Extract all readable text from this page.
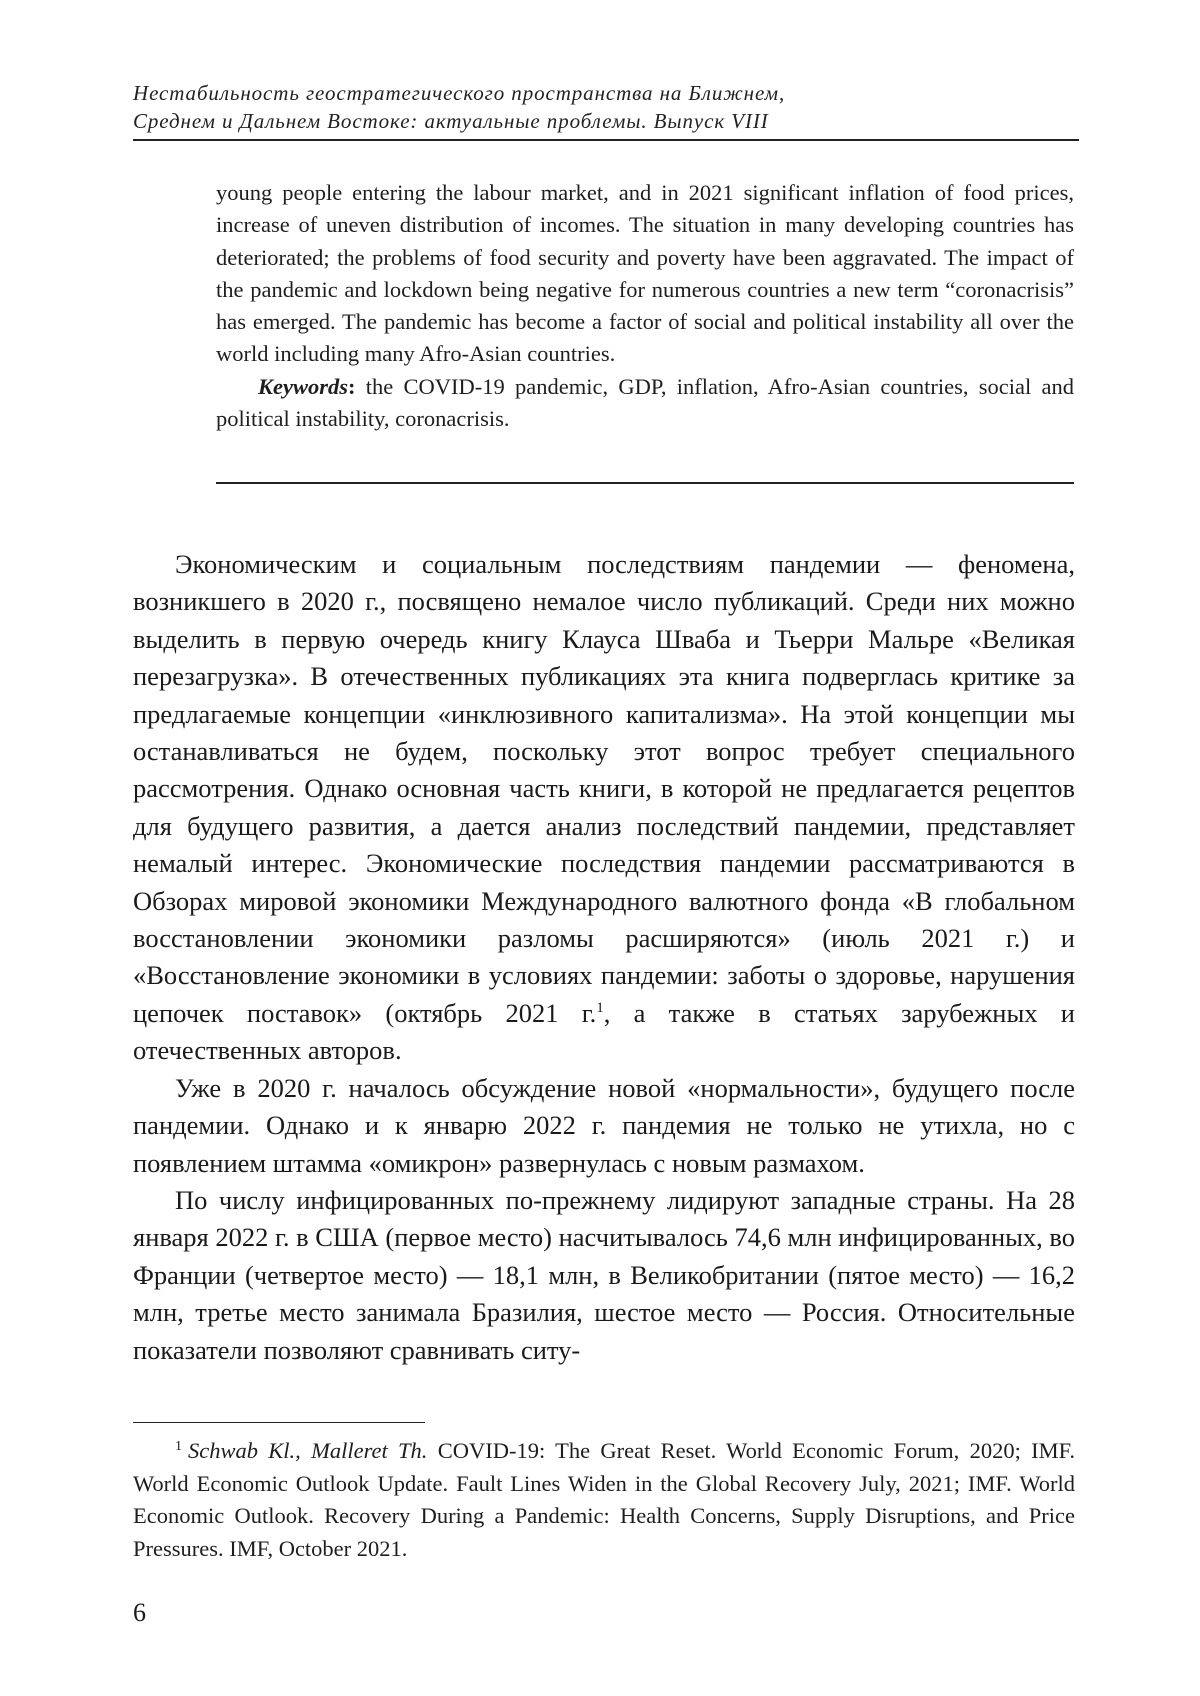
Нестабильность геостратегического пространства на Ближнем,
Среднем и Дальнем Востоке: актуальные проблемы. Выпуск VIII

young people entering the labour market, and in 2021 significant inflation of food prices, increase of uneven distribution of incomes. The situation in many devel­oping countries has deteriorated; the problems of food security and poverty have been aggravated. The impact of the pandemic and lockdown being negative for numerous countries a new term “coronacrisis” has emerged. The pandemic has become a factor of social and political instability all over the world including many Afro-Asian countries.

Keywords: the COVID-19 pandemic, GDP, inflation, Afro-Asian countries, social and political instability, coronacrisis.

Экономическим и социальным последствиям пандемии — феномена, возникшего в 2020 г., посвящено немалое число публикаций. Среди них можно выделить в первую очередь книгу Клауса Шваба и Тьерри Мальре «Великая перезагрузка». В отечественных публикациях эта книга подверглась критике за предлагаемые концепции «инклюзив­ного капитализма». На этой концепции мы останавливаться не будем, поскольку этот вопрос требует специального рассмотрения. Однако основная часть книги, в которой не предлагается рецептов для буду­щего развития, а дается анализ последствий пандемии, представляет немалый интерес. Экономические последствия пандемии рассматрива­ются в Обзорах мировой экономики Международного валютного фонда «В глобальном восстановлении экономики разломы расширяются» (июль 2021 г.) и «Восстановление экономики в условиях пандемии: заботы о здоровье, нарушения цепочек поставок» (октябрь 2021 г.1, а также в статьях зарубежных и отечественных авторов.

Уже в 2020 г. началось обсуждение новой «нормальности», будущего после пандемии. Однако и к январю 2022 г. пандемия не только не утихла, но с появлением штамма «омикрон» развернулась с новым размахом.

По числу инфицированных по-прежнему лидируют западные страны. На 28 января 2022 г. в США (первое место) насчитывалось 74,6 млн инфи­цированных, во Франции (четвертое место) — 18,1 млн, в Великобритании (пятое место) — 16,2 млн, третье место занимала Бразилия, шестое место — Россия. Относительные показатели позволяют сравнивать ситу-

1 Schwab Kl., Malleret Th. COVID-19: The Great Reset. World Economic Forum, 2020; IMF. World Economic Outlook Update. Fault Lines Widen in the Global Recovery July, 2021; IMF. World Economic Outlook. Recovery During a Pandemic: Health Concerns, Supply Disruptions, and Price Pressures. IMF, October 2021.

6
